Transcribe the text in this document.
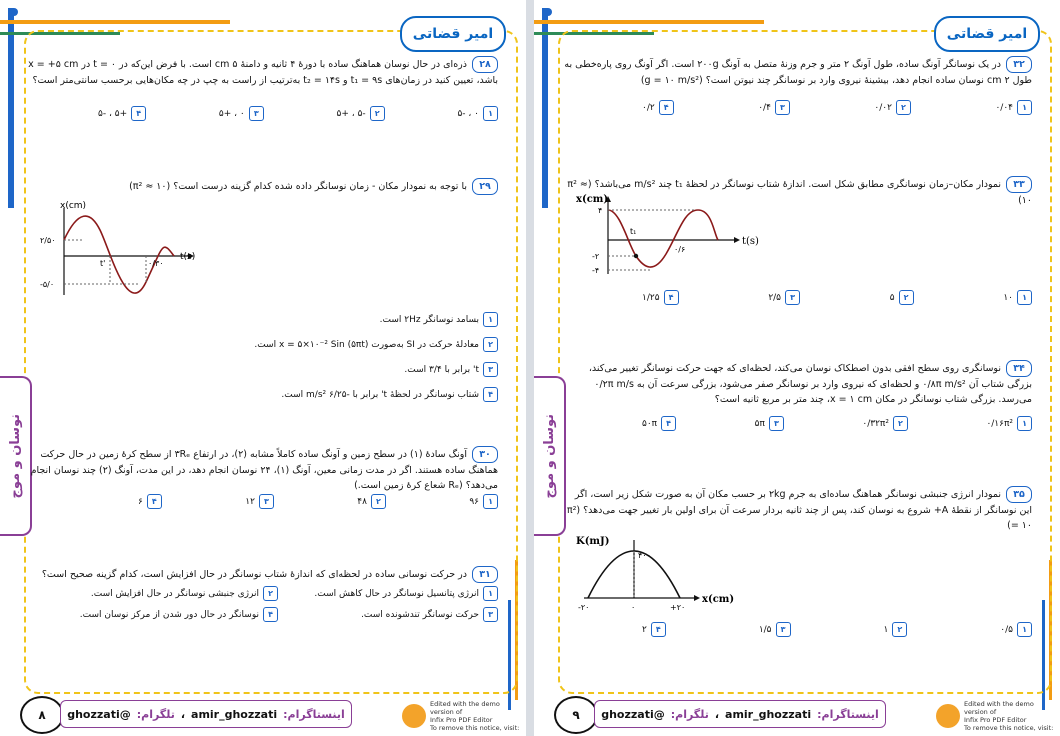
امیر قضاتی
نوسان و موج
۲۸ذره‌ای در حال نوسان هماهنگ ساده با دورهٔ ۴ ثانیه و دامنهٔ ۵ cm است. با فرض این‌که در t = ۰ در x = +۵ cm باشد، تعیین کنید در زمان‌های t₁ = ۹s و t₂ = ۱۴s به‌ترتیب از راست به چپ در چه مکان‌هایی برحسب سانتی‌متر است؟
۱
۰ ، -۵
۲
-۵ ، +۵
۳
۰ ، +۵
۴
+۵ ، -۵
۲۹با توجه به نمودار مکان - زمان نوسانگر داده شده کدام گزینه درست است؟ (π² ≈ ۱۰)
x(cm)
t(s)
۲/۵۰
-۵/۰
t'	۰/۳۰
۱
بسامد نوسانگر ۲Hz است.
۲
معادلهٔ حرکت در SI به‌صورت x = ۵×۱۰⁻² Sin (۵πt) است.
۳
t' برابر با ۳/۴ است.
۴
شتاب نوسانگر در لحظهٔ t' برابر با -۶/۲۵ m/s² است.
۳۰آونگ سادهٔ (۱) در سطح زمین و آونگ ساده کاملاً مشابه (۲)، در ارتفاع ۳Rₑ از سطح کرهٔ زمین در حال حرکت هماهنگ ساده هستند. اگر در مدت زمانی معین، آونگ (۱)، ۲۴ نوسان انجام دهد، در این مدت، آونگ (۲) چند نوسان انجام می‌دهد؟ (Rₑ شعاع کرهٔ زمین است.)
۱
۹۶
۲
۴۸
۳
۱۲
۴
۶
۳۱در حرکت نوسانی ساده در لحظه‌ای که اندازهٔ شتاب نوسانگر در حال افزایش است، کدام گزینه صحیح است؟
۱
انرژی پتانسیل نوسانگر در حال کاهش است.
۲
انرژی جنبشی نوسانگر در حال افزایش است.
۳
حرکت نوسانگر تندشونده است.
۴
نوسانگر در حال دور شدن از مرکز نوسان است.
۸	اینستاگرام:
amir_ghozzati
،
تلگرام:
@ghozzati
Edited with the demo version of
Infix Pro PDF Editor
To remove this notice, visit:
امیر قضاتی
نوسان و موج
۳۲در یک نوسانگر آونگ ساده، طول آونگ ۲ متر و جرم وزنهٔ متصل به آونگ ۲۰۰g است. اگر آونگ روی پاره‌خطی به طول ۲ cm نوسان ساده انجام دهد، بیشینهٔ نیروی وارد بر نوسانگر چند نیوتن است؟ (g = ۱۰ m/s²)
۱
۰/۰۴
۲
۰/۰۲
۳
۰/۴
۴
۰/۲
۳۳نمودار مکان–زمان نوسانگری مطابق شکل است. اندازهٔ شتاب نوسانگر در لحظهٔ t₁ چند m/s² می‌باشد؟ (π² ≈ ۱۰)
x(cm)
t(s)
۴
-۲
-۴
t₁
۰/۶
۱
۱۰
۲
۵
۳
۲/۵
۴
۱/۲۵
۳۴نوسانگری روی سطح افقی بدون اصطکاک نوسان می‌کند، لحظه‌ای که جهت حرکت نوسانگر تغییر می‌کند، بزرگی شتاب آن ۰/۸π m/s² و لحظه‌ای که نیروی وارد بر نوسانگر صفر می‌شود، بزرگی سرعت آن به ۰/۲π m/s می‌رسد. بزرگی شتاب نوسانگر در مکان x = ۱ cm، چند متر بر مربع ثانیه است؟
۱
۰/۱۶π²
۲
۰/۳۲π²
۳
۵π
۴
۵۰π
۳۵نمودار انرژی جنبشی نوسانگر هماهنگ ساده‌ای به جرم ۲kg بر حسب مکان آن به صورت شکل زیر است، اگر این نوسانگر از نقطهٔ A+ شروع به نوسان کند، پس از چند ثانیه بردار سرعت آن برای اولین بار تغییر جهت می‌دهد؟ (π² = ۱۰)
K(mJ)
x(cm)
۴۰۰
-۲۰	۰	+۲۰
۱
۰/۵
۲
۱
۳
۱/۵
۴
۲
۹	اینستاگرام:
amir_ghozzati
،
تلگرام:
@ghozzati
Edited with the demo version of
Infix Pro PDF Editor
To remove this notice, visit:
